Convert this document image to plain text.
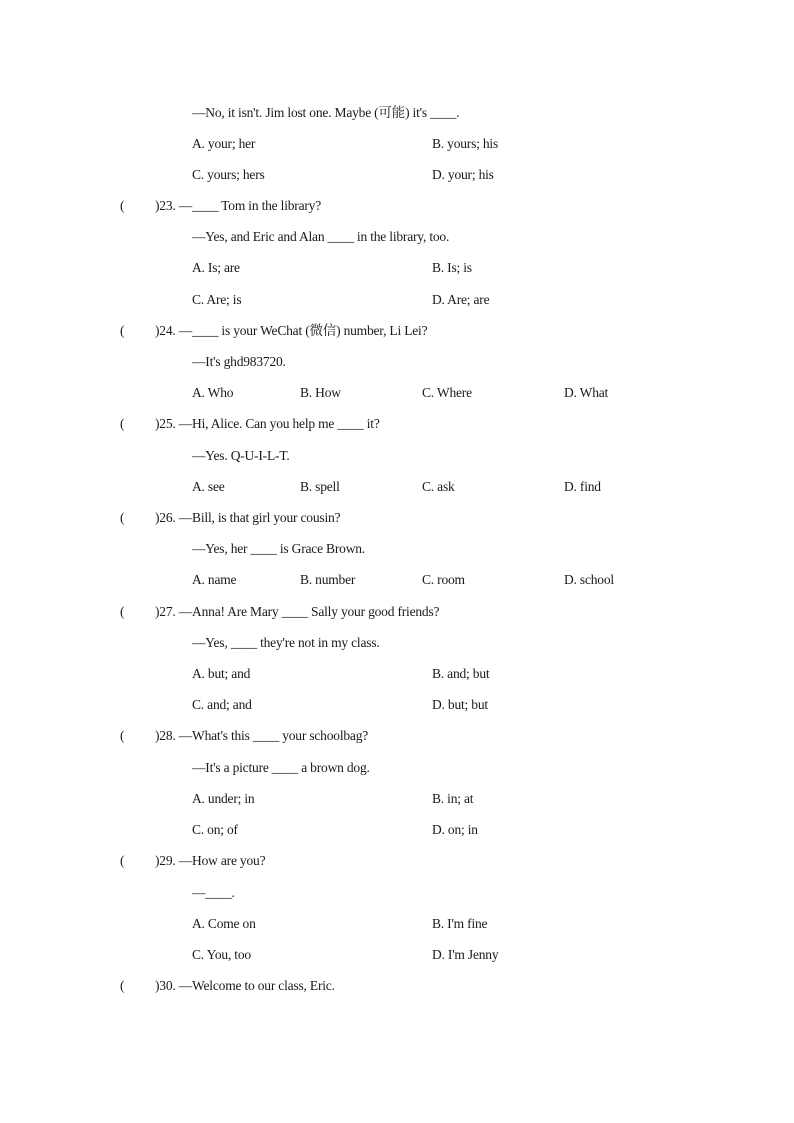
—No, it isn't. Jim lost one. Maybe (可能) it's ____.
A. your; her	B. yours; his
C. yours; hers	D. your; his
( )23. —____ Tom in the library?
—Yes, and Eric and Alan ____ in the library, too.
A. Is; are	B. Is; is
C. Are; is	D. Are; are
( )24. —____ is your WeChat (微信) number, Li Lei?
—It's ghd983720.
A. Who	B. How	C. Where	D. What
( )25. —Hi, Alice. Can you help me ____ it?
—Yes. Q-U-I-L-T.
A. see	B. spell	C. ask	D. find
( )26. —Bill, is that girl your cousin?
—Yes, her ____ is Grace Brown.
A. name	B. number	C. room	D. school
( )27. —Anna! Are Mary ____ Sally your good friends?
—Yes, ____ they're not in my class.
A. but; and	B. and; but
C. and; and	D. but; but
( )28. —What's this ____ your schoolbag?
—It's a picture ____ a brown dog.
A. under; in	B. in; at
C. on; of	D. on; in
( )29. —How are you?
—____.
A. Come on	B. I'm fine
C. You, too	D. I'm Jenny
( )30. —Welcome to our class, Eric.
